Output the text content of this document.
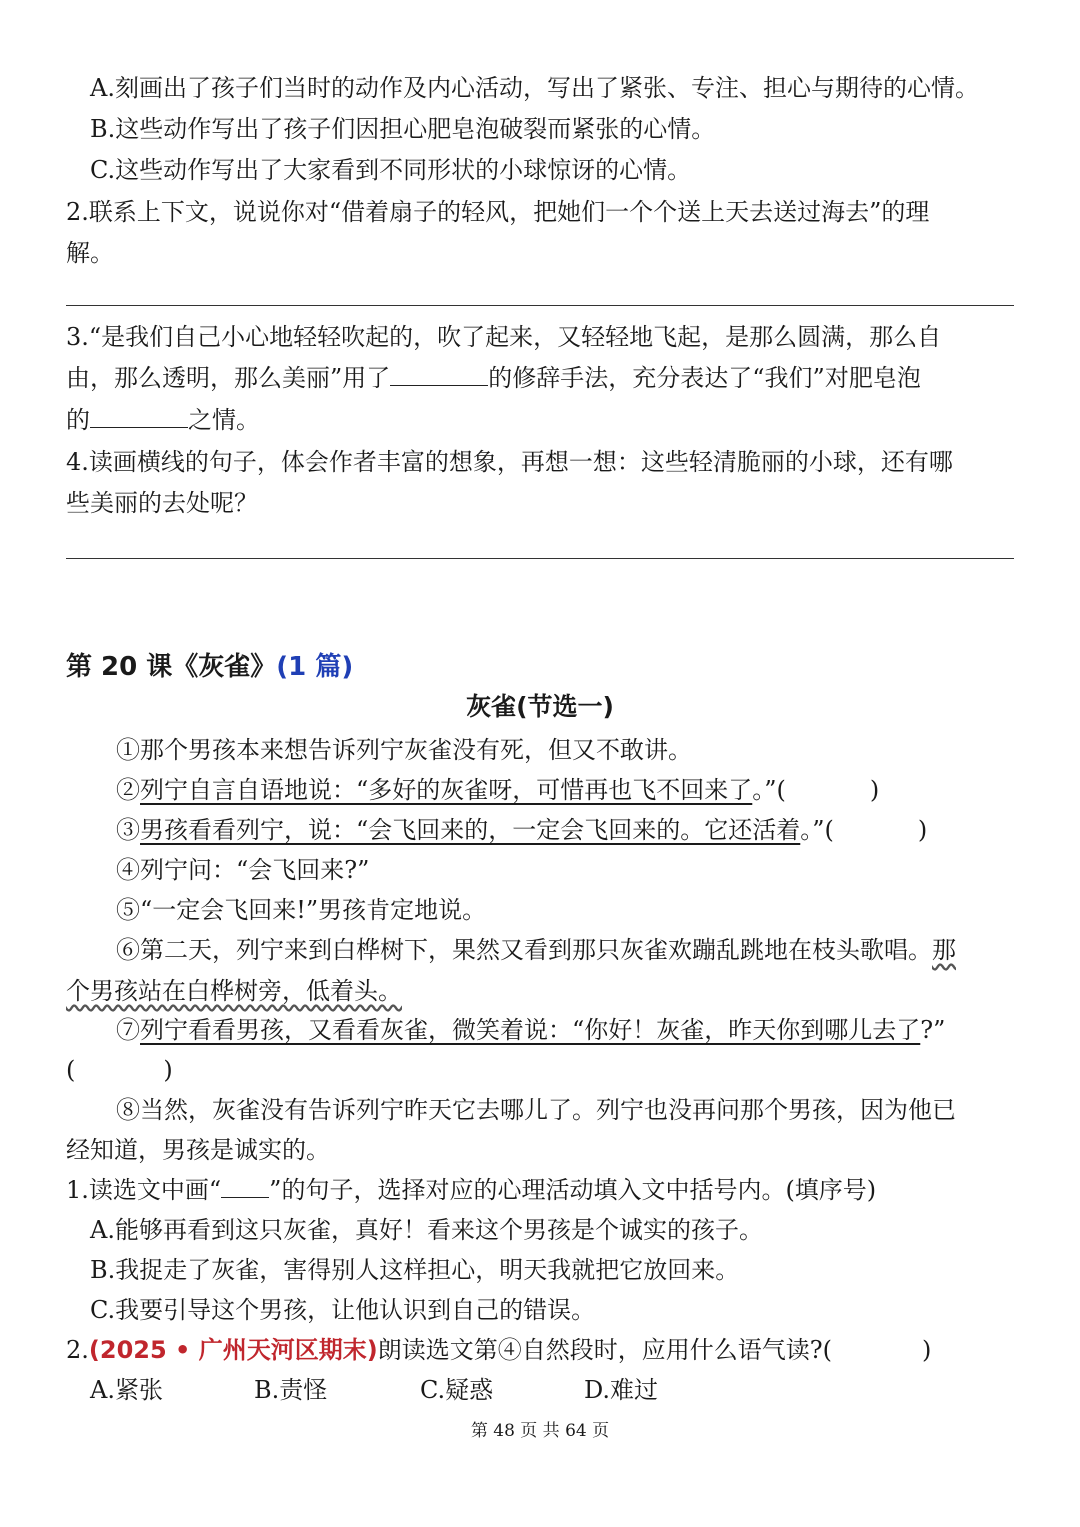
A.刻画出了孩子们当时的动作及内心活动，写出了紧张、专注、担心与期待的心情。
B.这些动作写出了孩子们因担心肥皂泡破裂而紧张的心情。
C.这些动作写出了大家看到不同形状的小球惊讶的心情。
2.联系上下文，说说你对“借着扇子的轻风，把她们一个个送上天去送过海去”的理
解。
3.“是我们自己小心地轻轻吹起的，吹了起来，又轻轻地飞起，是那么圆满，那么自
由，那么透明，那么美丽”用了	的修辞手法，充分表达了“我们”对肥皂泡
的	之情。
4.读画横线的句子，体会作者丰富的想象，再想一想：这些轻清脆丽的小球，还有哪
些美丽的去处呢？
第 20 课《灰雀》(1 篇)
灰雀(节选一)
①那个男孩本来想告诉列宁灰雀没有死，但又不敢讲。
②列宁自言自语地说：“多好的灰雀呀，可惜再也飞不回来了。”(	)
③男孩看看列宁，说：“会飞回来的，一定会飞回来的。它还活着。”(	)
④列宁问：“会飞回来?”
⑤“一定会飞回来!”男孩肯定地说。
⑥第二天，列宁来到白桦树下，果然又看到那只灰雀欢蹦乱跳地在枝头歌唱。那
个男孩站在白桦树旁，低着头。
⑦列宁看看男孩，又看看灰雀，微笑着说：“你好！灰雀，昨天你到哪儿去了?”
(	)
⑧当然，灰雀没有告诉列宁昨天它去哪儿了。列宁也没再问那个男孩，因为他已
经知道，男孩是诚实的。
1.读选文中画“ ”的句子，选择对应的心理活动填入文中括号内。(填序号)
A.能够再看到这只灰雀，真好！看来这个男孩是个诚实的孩子。
B.我捉走了灰雀，害得别人这样担心，明天我就把它放回来。
C.我要引导这个男孩，让他认识到自己的错误。
2.(2025 • 广州天河区期末)朗读选文第④自然段时，应用什么语气读?(	)
A.紧张	B.责怪	C.疑惑	D.难过
第 48 页 共 64 页
